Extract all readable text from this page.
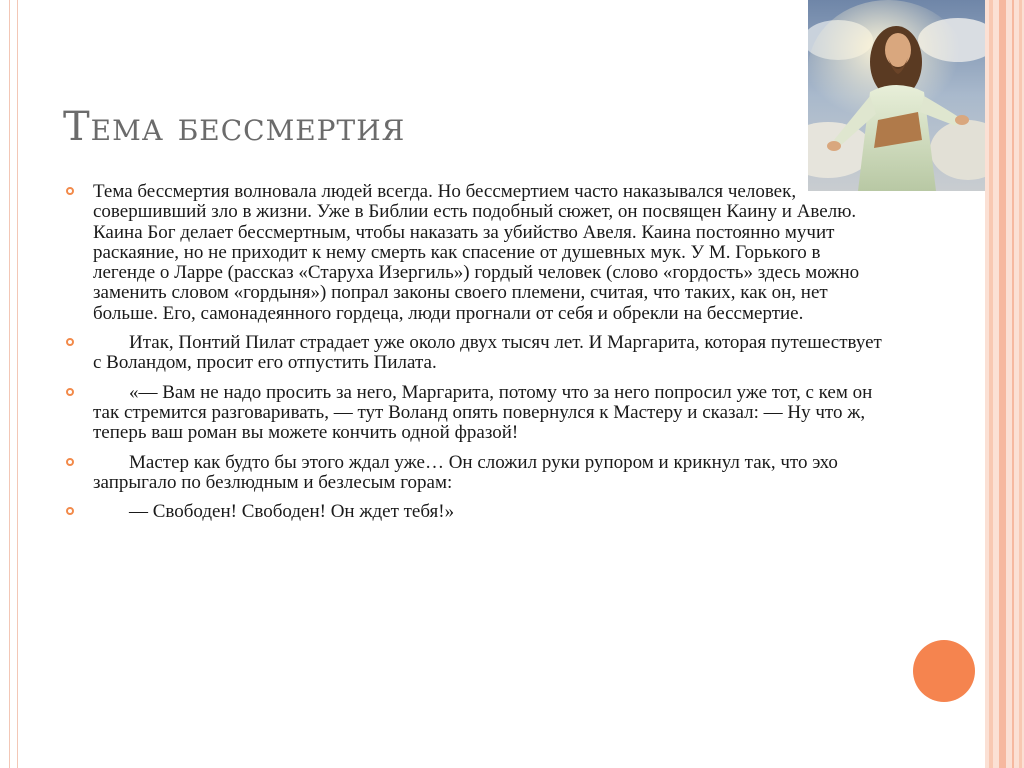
Тема бессмертия
Тема бессмертия волновала людей всегда. Но бессмертием часто наказывался человек, совершивший зло в жизни. Уже в Библии есть подобный сюжет, он посвящен Каину и Авелю. Каина Бог делает бессмертным, чтобы наказать за убийство Авеля. Каина постоянно мучит раскаяние, но не приходит к нему смерть как спасение от душевных мук. У М. Горького в легенде о Ларре (рассказ «Старуха Изергиль») гордый человек (слово «гордость» здесь можно заменить словом «гордыня») попрал законы своего племени, считая, что таких, как он, нет больше. Его, самонадеянного гордеца, люди прогнали от себя и обрекли на бессмертие.
Итак, Понтий Пилат страдает уже около двух тысяч лет. И Маргарита, которая путешествует с Воландом, просит его отпустить Пилата.
«— Вам не надо просить за него, Маргарита, потому что за него попросил уже тот, с кем он так стремится разговаривать, — тут Воланд опять повернулся к Мастеру и сказал: — Ну что ж, теперь ваш роман вы можете кончить одной фразой!
Мастер как будто бы этого ждал уже… Он сложил руки рупором и крикнул так, что эхо запрыгало по безлюдным и безлесым горам:
— Свободен! Свободен! Он ждет тебя!»
